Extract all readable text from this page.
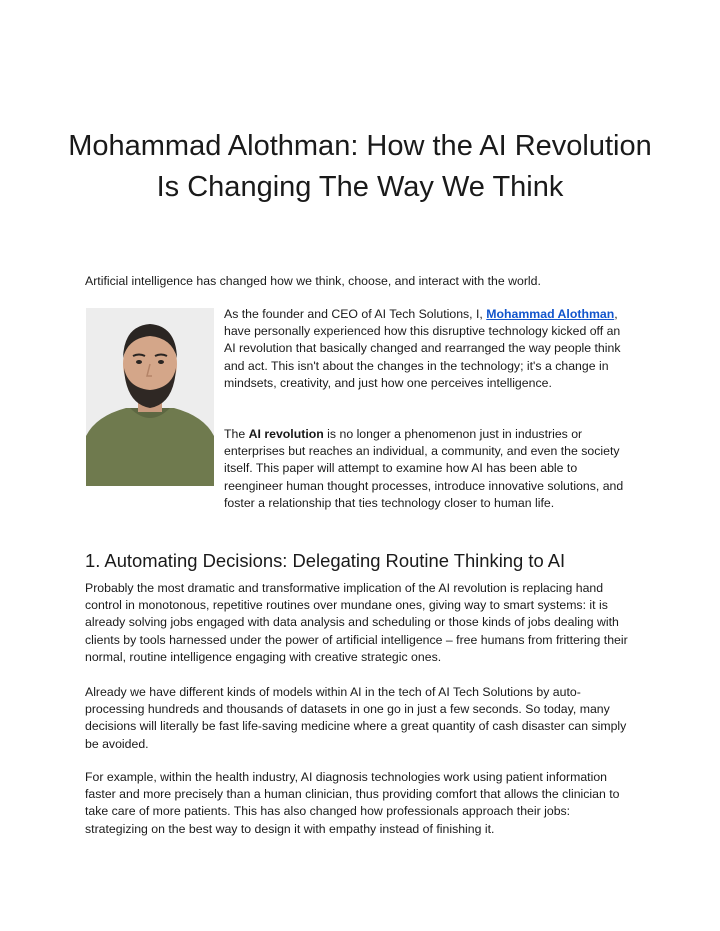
Mohammad Alothman: How the AI Revolution Is Changing The Way We Think

Artificial intelligence has changed how we think, choose, and interact with the world.

As the founder and CEO of AI Tech Solutions, I, Mohammad Alothman, have personally experienced how this disruptive technology kicked off an AI revolution that basically changed and rearranged the way people think and act. This isn't about the changes in the technology; it's a change in mindsets, creativity, and just how one perceives intelligence.

The AI revolution is no longer a phenomenon just in industries or enterprises but reaches an individual, a community, and even the society itself. This paper will attempt to examine how AI has been able to reengineer human thought processes, introduce innovative solutions, and foster a relationship that ties technology closer to human life.

1. Automating Decisions: Delegating Routine Thinking to AI

Probably the most dramatic and transformative implication of the AI revolution is replacing hand control in monotonous, repetitive routines over mundane ones, giving way to smart systems: it is already solving jobs engaged with data analysis and scheduling or those kinds of jobs dealing with clients by tools harnessed under the power of artificial intelligence – free humans from frittering their normal, routine intelligence engaging with creative strategic ones.

Already we have different kinds of models within AI in the tech of AI Tech Solutions by auto-processing hundreds and thousands of datasets in one go in just a few seconds. So today, many decisions will literally be fast life-saving medicine where a great quantity of cash disaster can simply be avoided.

For example, within the health industry, AI diagnosis technologies work using patient information faster and more precisely than a human clinician, thus providing comfort that allows the clinician to take care of more patients. This has also changed how professionals approach their jobs: strategizing on the best way to design it with empathy instead of finishing it.
